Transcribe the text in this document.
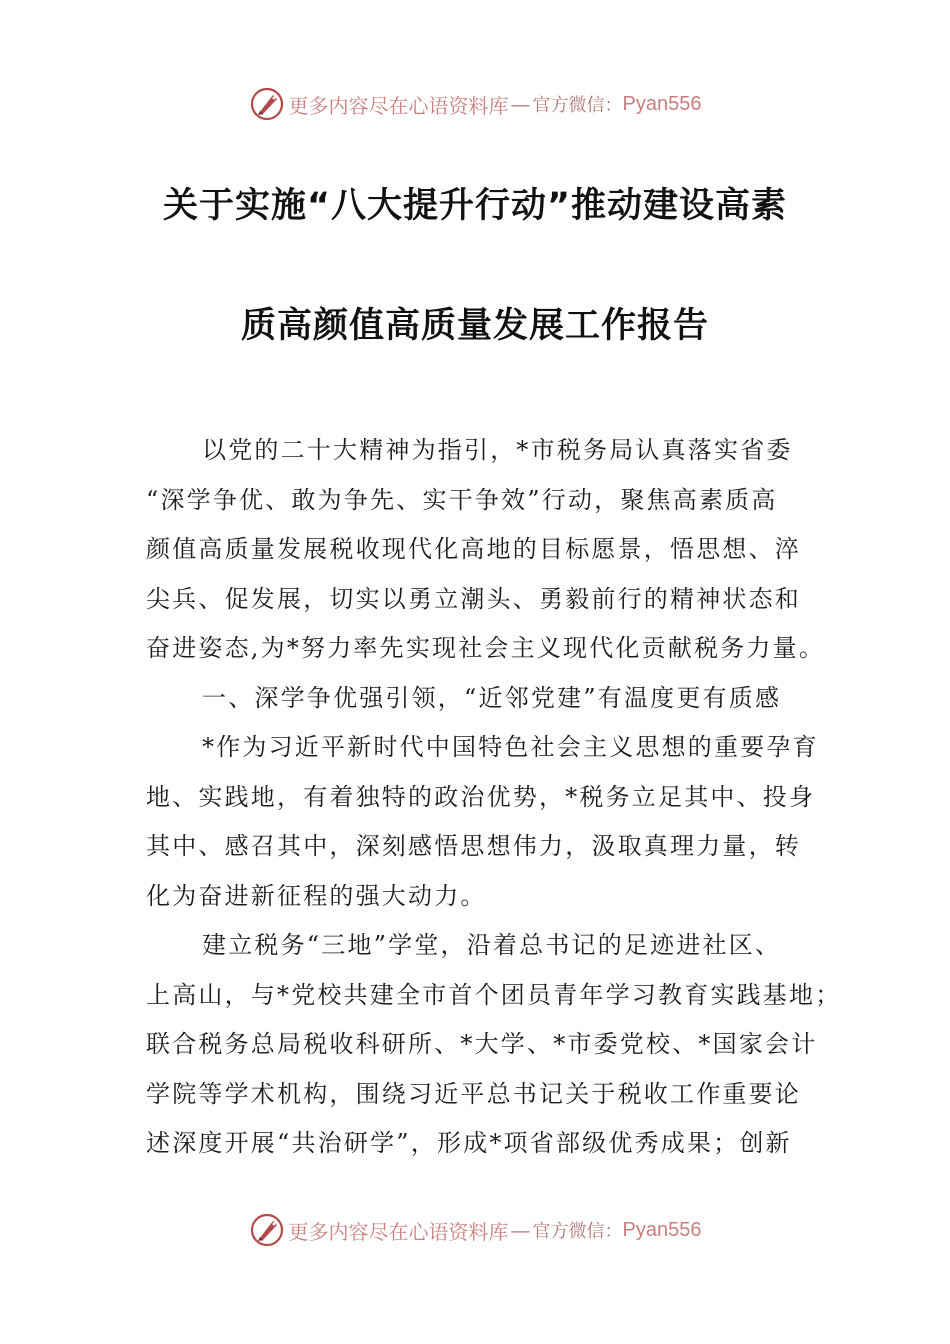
更多内容尽在心语资料库 — 官方微信： Pyan556
关于实施“八大提升行动”推动建设高素
质高颜值高质量发展工作报告
以党的二十大精神为指引，*市税务局认真落实省委
“深学争优、敢为争先、实干争效”行动，聚焦高素质高
颜值高质量发展税收现代化高地的目标愿景，悟思想、淬
尖兵、促发展，切实以勇立潮头、勇毅前行的精神状态和
奋进姿态,为*努力率先实现社会主义现代化贡献税务力量。
一、深学争优强引领，“近邻党建”有温度更有质感
*作为习近平新时代中国特色社会主义思想的重要孕育
地、实践地，有着独特的政治优势，*税务立足其中、投身
其中、感召其中，深刻感悟思想伟力，汲取真理力量，转
化为奋进新征程的强大动力。
建立税务“三地”学堂，沿着总书记的足迹进社区、
上高山，与*党校共建全市首个团员青年学习教育实践基地；
联合税务总局税收科研所、*大学、*市委党校、*国家会计
学院等学术机构，围绕习近平总书记关于税收工作重要论
述深度开展“共治研学”，形成*项省部级优秀成果；创新
更多内容尽在心语资料库 — 官方微信： Pyan556
